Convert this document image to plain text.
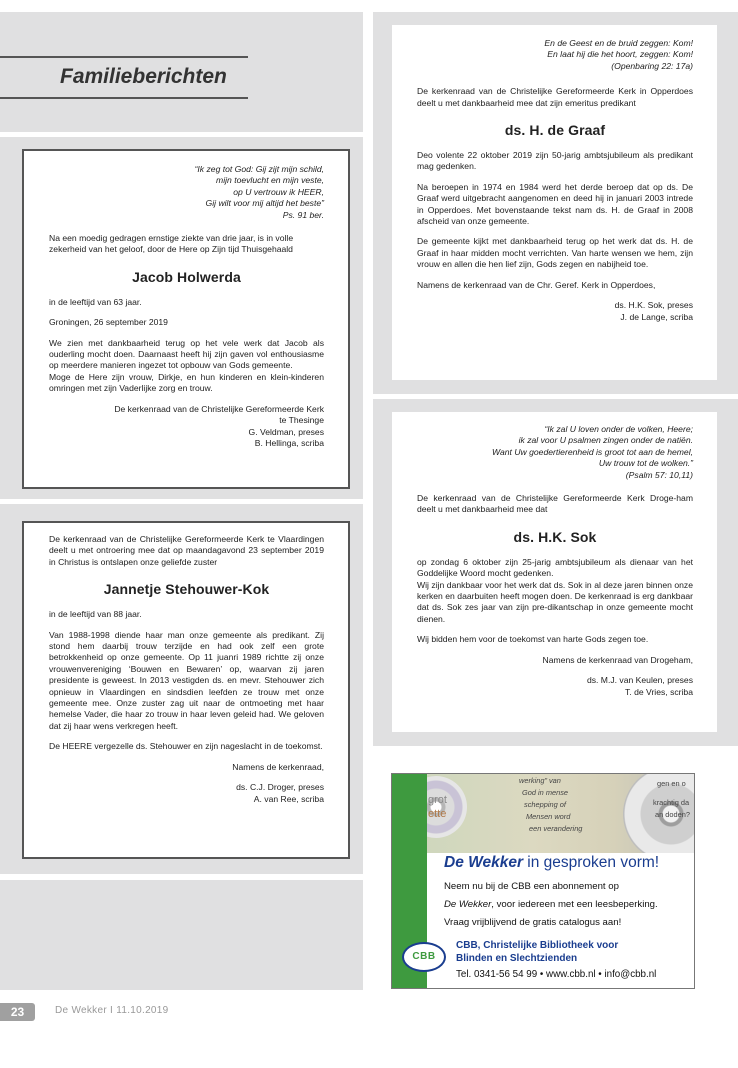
Familieberichten

“Ik zeg tot God: Gij zijt mijn schild,

mijn toevlucht en mijn veste,

op U vertrouw ik HEER,

Gij wilt voor mij altijd het beste”

Ps. 91 ber.

Na een moedig gedragen ernstige ziekte van drie jaar, is in volle zekerheid van het geloof, door de Here op Zijn tijd Thuisgehaald

Jacob Holwerda

in de leeftijd van 63 jaar.

Groningen, 26 september 2019

We zien met dankbaarheid terug op het vele werk dat Jacob als ouderling mocht doen. Daarnaast heeft hij zijn gaven vol enthousiasme op meerdere manieren ingezet tot opbouw van Gods gemeente.

Moge de Here zijn vrouw, Dirkje, en hun kinderen en klein-kinderen omringen met zijn Vaderlijke zorg en trouw.

De kerkenraad van de Christelijke Gereformeerde Kerk

te Thesinge

G. Veldman, preses

B. Hellinga, scriba

De kerkenraad van de Christelijke Gereformeerde Kerk te Vlaardingen deelt u met ontroering mee dat op maandagavond 23 september 2019 in Christus is ontslapen onze geliefde zuster

Jannetje Stehouwer-Kok

in de leeftijd van 88 jaar.

Van 1988-1998 diende haar man onze gemeente als predikant. Zij stond hem daarbij trouw terzijde en had ook zelf een grote betrokkenheid op onze gemeente. Op 11 juanri 1989 richtte zij onze vrouwenvereniging ‘Bouwen en Bewaren’ op, waarvan zij jaren presidente is geweest. In 2013 vestigden ds. en mevr. Stehouwer zich opnieuw in Vlaardingen en sindsdien leefden ze trouw met onze gemeente mee. Onze zuster zag uit naar de ontmoeting met haar hemelse Vader, die haar zo trouw in haar leven geleid had. We geloven dat zij haar wens verkregen heeft.

De HEERE vergezelle ds. Stehouwer en zijn nageslacht in de toekomst.

Namens de kerkenraad,

ds. C.J. Droger, preses

A. van Ree, scriba

En de Geest en de bruid zeggen: Kom!

En laat hij die het hoort, zeggen: Kom!

(Openbaring 22: 17a)

De kerkenraad van de Christelijke Gereformeerde Kerk in Opperdoes deelt u met dankbaarheid mee dat zijn emeritus predikant

ds. H. de Graaf

Deo volente 22 oktober 2019 zijn 50-jarig ambtsjubileum als predikant mag gedenken.

Na beroepen in 1974 en 1984 werd het derde beroep dat op ds. De Graaf werd uitgebracht aangenomen en deed hij in januari 2003 intrede in Opperdoes. Met bovenstaande tekst nam ds. H. de Graaf in 2008 afscheid van onze gemeente.

De gemeente kijkt met dankbaarheid terug op het werk dat ds. H. de Graaf in haar midden mocht verrichten. Van harte wensen we hem, zijn vrouw en allen die hen lief zijn, Gods zegen en nabijheid toe.

Namens de kerkenraad van de Chr. Geref. Kerk in Opperdoes,

ds. H.K. Sok, preses

J. de Lange, scriba

“Ik zal U loven onder de volken, Heere;

ik zal voor U psalmen zingen onder de natiën.

Want Uw goedertierenheid is groot tot aan de hemel,

Uw trouw tot de wolken.”

(Psalm 57: 10,11)

De kerkenraad van de Christelijke Gereformeerde Kerk Droge-ham deelt u met dankbaarheid mee dat

ds. H.K. Sok

op zondag 6 oktober zijn 25-jarig ambtsjubileum als dienaar van het Goddelijke Woord mocht gedenken.

Wij zijn dankbaar voor het werk dat ds. Sok in al deze jaren binnen onze kerken en daarbuiten heeft mogen doen. De kerkenraad is erg dankbaar dat ds. Sok zes jaar van zijn pre-dikantschap in onze gemeente mocht dienen.

Wij bidden hem voor de toekomst van harte Gods zegen toe.

Namens de kerkenraad van Drogeham,

ds. M.J. van Keulen, preses

T. de Vries, scriba

grot
ette
werking” van
God in mense
schepping of
Mensen word
een verandering
gen en o
krachtig da
an doden?
De Wekker in gesproken vorm!
Neem nu bij de CBB een abonnement op
De Wekker, voor iedereen met een leesbeperking.
Vraag vrijblijvend de gratis catalogus aan!
CBB
CBB, Christelijke Bibliotheek voor
Blinden en Slechtzienden
Tel. 0341-56 54 99 • www.cbb.nl • info@cbb.nl
23	De Wekker I 11.10.2019
